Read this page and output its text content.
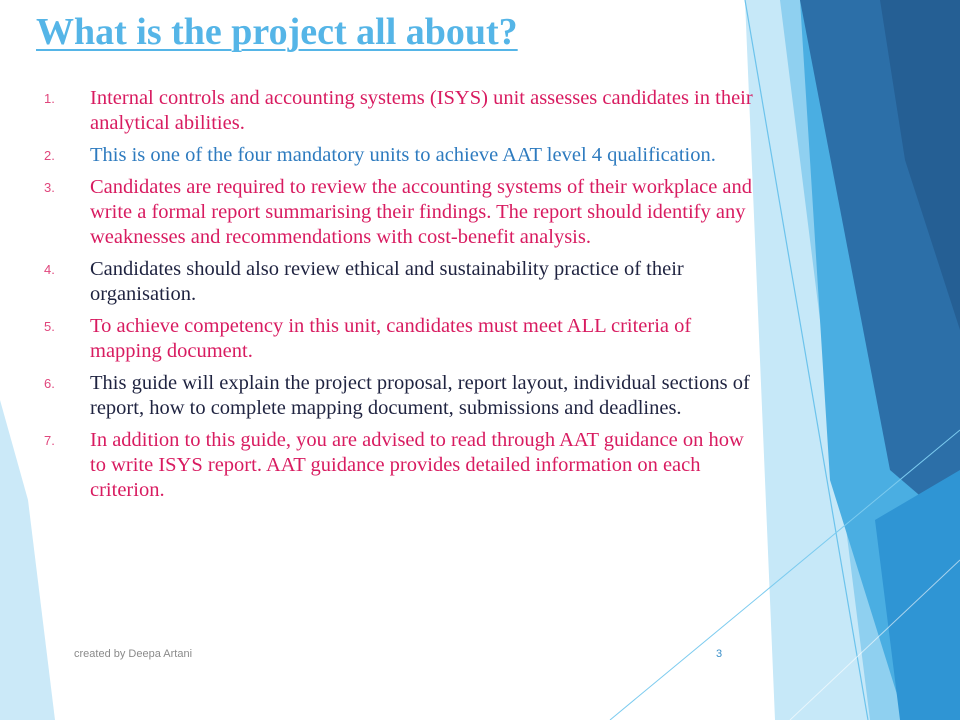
What is the project all about?
1.	Internal controls and accounting systems (ISYS) unit assesses candidates in their analytical abilities.
2.	This is one of the four mandatory units to achieve AAT level 4 qualification.
3.	Candidates are required to review the accounting systems of their workplace and write a formal report summarising their findings. The report should identify any weaknesses and recommendations with cost-benefit analysis.
4.	Candidates should also review ethical and sustainability practice of their organisation.
5.	To achieve competency in this unit, candidates must meet ALL criteria of mapping document.
6.	This guide will explain the project proposal, report layout, individual sections of report, how to complete mapping document, submissions and deadlines.
7.	In addition to this guide, you are advised to read through AAT guidance on how to write ISYS report. AAT guidance provides detailed information on each criterion.
created by Deepa Artani	3
